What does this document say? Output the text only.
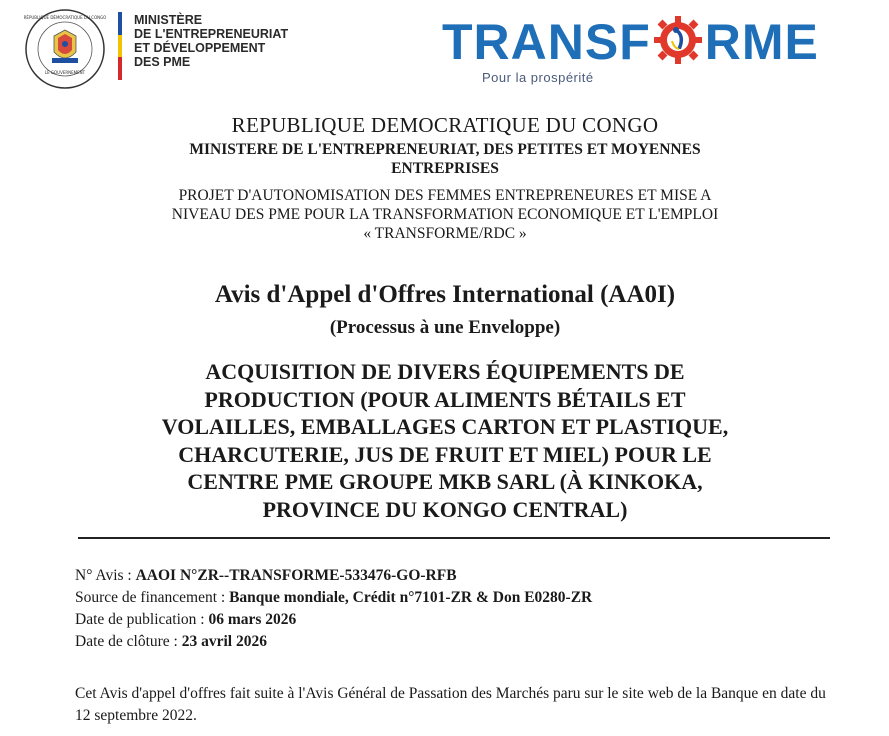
LE GOUVERNEMENT
RÉPUBLIQUE DÉMOCRATIQUE DU CONGO MINISTÈRE
DE L'ENTREPRENEURIAT
ET DÉVELOPPEMENT
DES PME	TRANSF RME
Pour la prospérité
REPUBLIQUE DEMOCRATIQUE DU CONGO
MINISTERE DE L'ENTREPRENEURIAT, DES PETITES ET MOYENNES
ENTREPRISES
PROJET D'AUTONOMISATION DES FEMMES ENTREPRENEURES ET MISE A
NIVEAU DES PME POUR LA TRANSFORMATION ECONOMIQUE ET L'EMPLOI
« TRANSFORME/RDC »
Avis d'Appel d'Offres International (AA0I)
(Processus à une Enveloppe)
ACQUISITION DE DIVERS ÉQUIPEMENTS DE
PRODUCTION (POUR ALIMENTS BÉTAILS ET
VOLAILLES, EMBALLAGES CARTON ET PLASTIQUE,
CHARCUTERIE, JUS DE FRUIT ET MIEL) POUR LE
CENTRE PME GROUPE MKB SARL (À KINKOKA,
PROVINCE DU KONGO CENTRAL)
N° Avis : AAOI N°ZR--TRANSFORME-533476-GO-RFB
Source de financement : Banque mondiale, Crédit n°7101-ZR & Don E0280-ZR
Date de publication : 06 mars 2026
Date de clôture : 23 avril 2026
Cet Avis d'appel d'offres fait suite à l'Avis Général de Passation des Marchés paru sur le site web de la Banque en date du 12 septembre 2022.
